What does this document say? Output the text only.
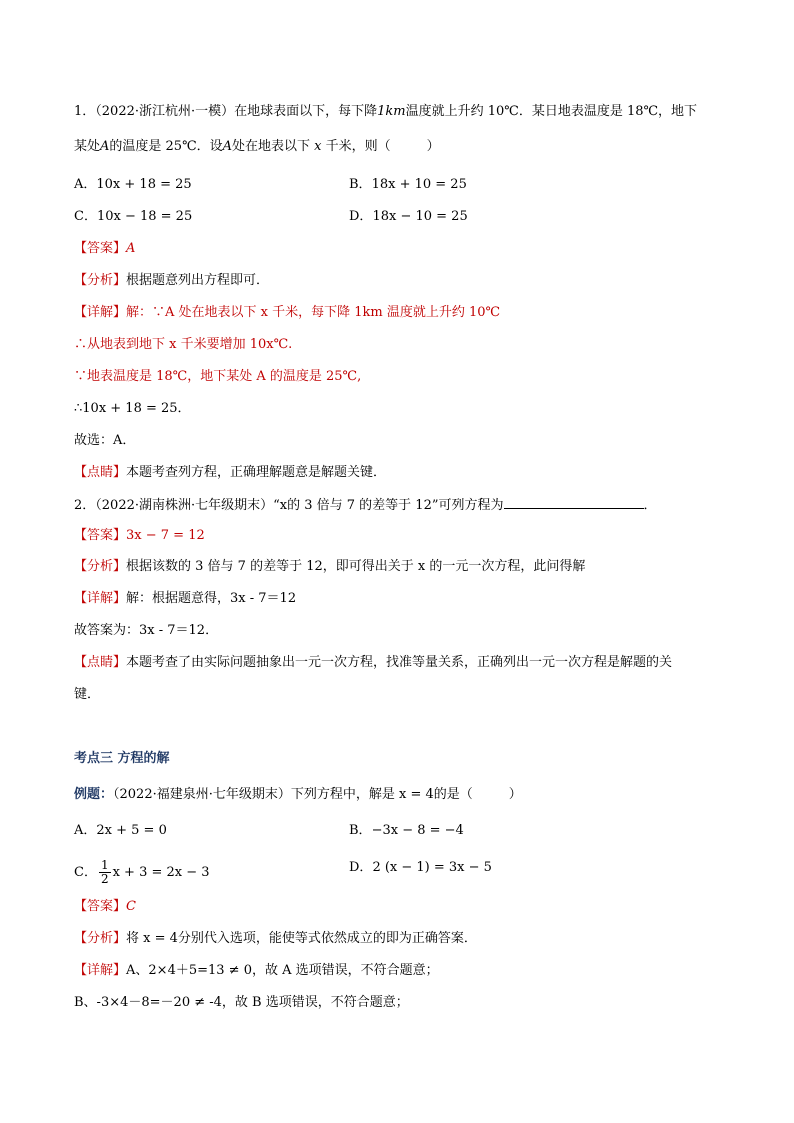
1．（2022·浙江杭州·一模）在地球表面以下，每下降1km温度就上升约 10℃．某日地表温度是 18℃，地下
某处A的温度是 25℃．设A处在地表以下 x 千米，则（	）
A．10x + 18 = 25	B．18x + 10 = 25
C．10x − 18 = 25	D．18x − 10 = 25
【答案】A
【分析】根据题意列出方程即可．
【详解】解：∵A 处在地表以下 x 千米，每下降 1km 温度就上升约 10℃
∴从地表到地下 x 千米要增加 10x℃.
∵地表温度是 18℃，地下某处 A 的温度是 25℃,
∴10x + 18 = 25．
故选：A．
【点睛】本题考查列方程，正确理解题意是解题关键．
2．（2022·湖南株洲·七年级期末）“x的 3 倍与 7 的差等于 12”可列方程为	．
【答案】3x − 7 = 12
【分析】根据该数的 3 倍与 7 的差等于 12，即可得出关于 x 的一元一次方程，此问得解
【详解】解：根据题意得，3x - 7＝12
故答案为：3x - 7＝12．
【点睛】本题考查了由实际问题抽象出一元一次方程，找准等量关系，正确列出一元一次方程是解题的关
键．
考点三 方程的解
例题：（2022·福建泉州·七年级期末）下列方程中，解是 x = 4的是（	）
A．2x + 5 = 0	B．−3x − 8 = −4
C． $\frac{1}{2}$ x + 3 = 2x − 3	D．2 (x − 1) = 3x − 5
【答案】C
【分析】将 x = 4分别代入选项，能使等式依然成立的即为正确答案．
【详解】A、2×4＋5=13 ≠ 0，故 A 选项错误，不符合题意；
B、-3×4－8=－20 ≠ -4，故 B 选项错误，不符合题意；
